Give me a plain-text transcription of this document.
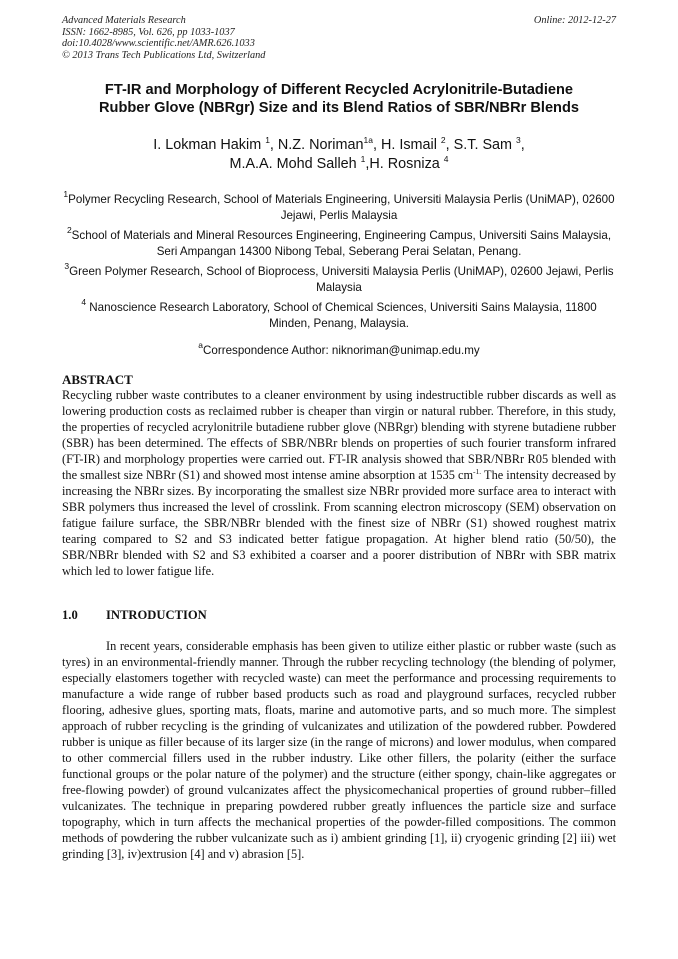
Advanced Materials Research
ISSN: 1662-8985, Vol. 626, pp 1033-1037
doi:10.4028/www.scientific.net/AMR.626.1033
© 2013 Trans Tech Publications Ltd, Switzerland
Online: 2012-12-27
FT-IR and Morphology of Different Recycled Acrylonitrile-Butadiene
Rubber Glove (NBRgr) Size and its Blend Ratios of SBR/NBRr Blends
I. Lokman Hakim $^1$, N.Z. Noriman$^{1a}$, H. Ismail $^2$, S.T. Sam $^3$,
M.A.A. Mohd Salleh $^1$,H. Rosniza $^4$
$^1$Polymer Recycling Research, School of Materials Engineering, Universiti Malaysia Perlis (UniMAP), 02600 Jejawi, Perlis Malaysia
$^2$School of Materials and Mineral Resources Engineering, Engineering Campus, Universiti Sains Malaysia, Seri Ampangan 14300 Nibong Tebal, Seberang Perai Selatan, Penang.
$^3$Green Polymer Research, School of Bioprocess, Universiti Malaysia Perlis (UniMAP), 02600 Jejawi, Perlis Malaysia
$^4$ Nanoscience Research Laboratory, School of Chemical Sciences, Universiti Sains Malaysia, 11800 Minden, Penang, Malaysia.
$^a$Correspondence Author: niknoriman@unimap.edu.my
ABSTRACT
Recycling rubber waste contributes to a cleaner environment by using indestructible rubber discards as well as lowering production costs as reclaimed rubber is cheaper than virgin or natural rubber. Therefore, in this study, the properties of recycled acrylonitrile butadiene rubber glove (NBRgr) blending with styrene butadiene rubber (SBR) has been determined. The effects of SBR/NBRr blends on properties of such fourier transform infrared (FT-IR) and morphology properties were carried out. FT-IR analysis showed that SBR/NBRr R05 blended with the smallest size NBRr (S1) and showed most intense amine absorption at 1535 $cm^{-1.}$ The intensity decreased by increasing the NBRr sizes. By incorporating the smallest size NBRr provided more surface area to interact with SBR polymers thus increased the level of crosslink. From scanning electron microscopy (SEM) observation on fatigue failure surface, the SBR/NBRr blended with the finest size of NBRr (S1) showed roughest matrix tearing compared to S2 and S3 indicated better fatigue propagation. At higher blend ratio (50/50), the SBR/NBRr blended with S2 and S3 exhibited a coarser and a poorer distribution of NBRr with SBR matrix which led to lower fatigue life.
1.0 INTRODUCTION
In recent years, considerable emphasis has been given to utilize either plastic or rubber waste (such as tyres) in an environmental-friendly manner. Through the rubber recycling technology (the blending of polymer, especially elastomers together with recycled waste) can meet the performance and processing requirements to manufacture a wide range of rubber based products such as road and playground surfaces, recycled rubber flooring, adhesive glues, sporting mats, floats, marine and automotive parts, and so much more. The simplest approach of rubber recycling is the grinding of vulcanizates and utilization of the powdered rubber. Powdered rubber is unique as filler because of its larger size (in the range of microns) and lower modulus, when compared to other commercial fillers used in the rubber industry. Like other fillers, the polarity (either the surface functional groups or the polar nature of the polymer) and the structure (either spongy, chain-like aggregates or free-flowing powder) of ground vulcanizates affect the physicomechanical properties of ground rubber–filled vulcanizates. The technique in preparing powdered rubber greatly influences the particle size and surface topography, which in turn affects the mechanical properties of the powder-filled compositions. The common methods of powdering the rubber vulcanizate such as i) ambient grinding [1], ii) cryogenic grinding [2] iii) wet grinding [3], iv)extrusion [4] and v) abrasion [5].
